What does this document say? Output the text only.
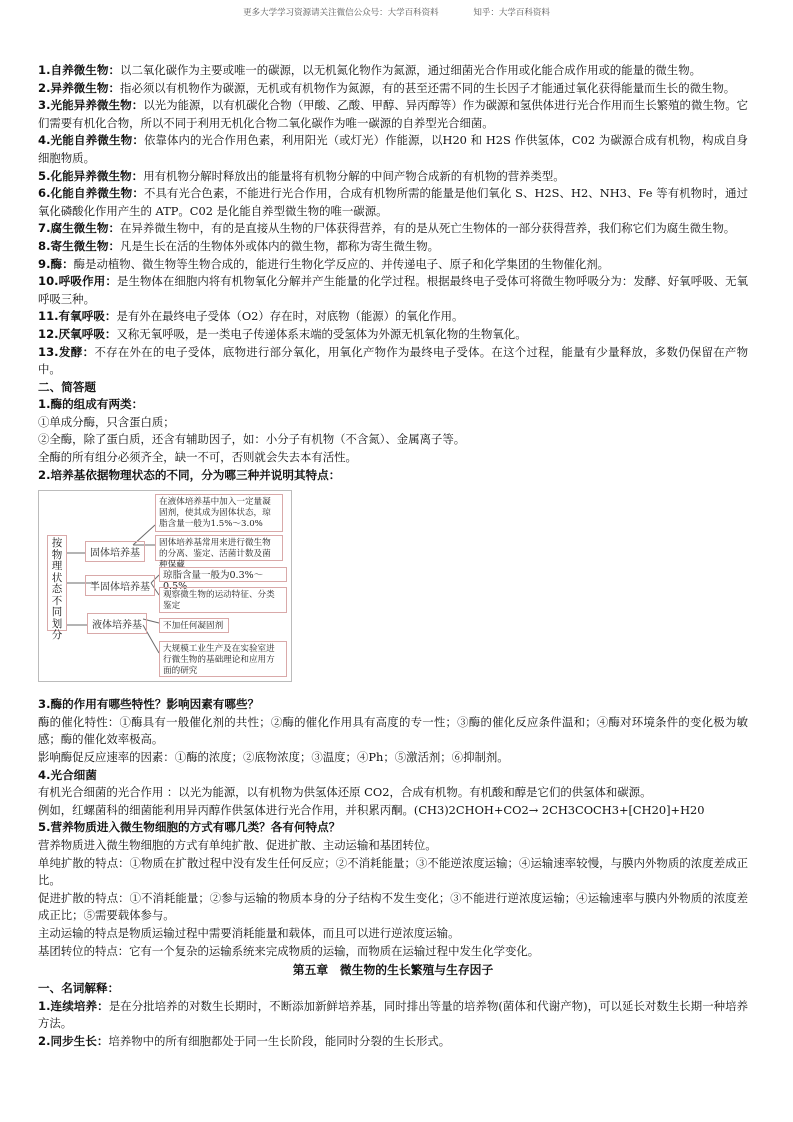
更多大学学习资源请关注微信公众号：大学百科资料	知乎：大学百科资料

1.自养微生物：以二氧化碳作为主要或唯一的碳源，以无机氮化物作为氮源，通过细菌光合作用或化能合成作用或的能量的微生物。

2.异养微生物：指必须以有机物作为碳源，无机或有机物作为氮源，有的甚至还需不同的生长因子才能通过氧化获得能量而生长的微生物。

3.光能异养微生物：以光为能源，以有机碳化合物（甲酸、乙酸、甲醇、异丙醇等）作为碳源和氢供体进行光合作用而生长繁殖的微生物。它们需要有机化合物，所以不同于利用无机化合物二氧化碳作为唯一碳源的自养型光合细菌。

4.光能自养微生物：依靠体内的光合作用色素，利用阳光（或灯光）作能源，以H20 和 H2S 作供氢体，C02 为碳源合成有机物，构成自身细胞物质。

5.化能异养微生物：用有机物分解时释放出的能量将有机物分解的中间产物合成新的有机物的营养类型。

6.化能自养微生物：不具有光合色素，不能进行光合作用，合成有机物所需的能量是他们氧化 S、H2S、H2、NH3、Fe 等有机物时，通过氧化磷酸化作用产生的 ATP。C02 是化能自养型微生物的唯一碳源。

7.腐生微生物：在异养微生物中，有的是直接从生物的尸体获得营养，有的是从死亡生物体的一部分获得营养，我们称它们为腐生微生物。

8.寄生微生物：凡是生长在活的生物体外或体内的微生物，都称为寄生微生物。

9.酶：酶是动植物、微生物等生物合成的，能进行生物化学反应的、并传递电子、原子和化学集团的生物催化剂。

10.呼吸作用：是生物体在细胞内将有机物氧化分解并产生能量的化学过程。根据最终电子受体可将微生物呼吸分为：发酵、好氧呼吸、无氧呼吸三种。

11.有氧呼吸：是有外在最终电子受体（O2）存在时，对底物（能源）的氧化作用。

12.厌氧呼吸：又称无氧呼吸，是一类电子传递体系末端的受氢体为外源无机氧化物的生物氧化。

13.发酵：不存在外在的电子受体，底物进行部分氧化，用氧化产物作为最终电子受体。在这个过程，能量有少量释放，多数仍保留在产物中。

二、简答题

1.酶的组成有两类：

①单成分酶，只含蛋白质；

②全酶，除了蛋白质，还含有辅助因子，如：小分子有机物（不含氮）、金属离子等。

全酶的所有组分必须齐全，缺一不可，否则就会失去本有活性。

2.培养基依据物理状态的不同，分为哪三种并说明其特点：

按物理状态不同划分
固体培养基
半固体培养基
液体培养基
在液体培养基中加入一定量凝固剂，使其成为固体状态，琼脂含量一般为1.5%～3.0%
固体培养基常用来进行微生物的分离、鉴定、活菌计数及菌种保藏
琼脂含量一般为0.3%～0.5%
观察微生物的运动特征、分类鉴定
不加任何凝固剂
大规模工业生产及在实验室进行微生物的基础理论和应用方面的研究

3.酶的作用有哪些特性？影响因素有哪些？

酶的催化特性：①酶具有一般催化剂的共性；②酶的催化作用具有高度的专一性；③酶的催化反应条件温和；④酶对环境条件的变化极为敏感；酶的催化效率极高。

影响酶促反应速率的因素：①酶的浓度；②底物浓度；③温度；④Ph；⑤激活剂；⑥抑制剂。

4.光合细菌

有机光合细菌的光合作用 ：以光为能源，以有机物为供氢体还原 CO2，合成有机物。有机酸和醇是它们的供氢体和碳源。

例如，红螺菌科的细菌能利用异丙醇作供氢体进行光合作用，并积累丙酮。(CH3)2CHOH+CO2→ 2CH3COCH3+[CH20]+H20

5.营养物质进入微生物细胞的方式有哪几类？各有何特点？

营养物质进入微生物细胞的方式有单纯扩散、促进扩散、主动运输和基团转位。

单纯扩散的特点：①物质在扩散过程中没有发生任何反应；②不消耗能量；③不能逆浓度运输；④运输速率较慢，与膜内外物质的浓度差成正比。

促进扩散的特点：①不消耗能量；②参与运输的物质本身的分子结构不发生变化；③不能进行逆浓度运输；④运输速率与膜内外物质的浓度差成正比；⑤需要载体参与。

主动运输的特点是物质运输过程中需要消耗能量和载体，而且可以进行逆浓度运输。

基团转位的特点：它有一个复杂的运输系统来完成物质的运输，而物质在运输过程中发生化学变化。

第五章　微生物的生长繁殖与生存因子

一、名词解释：

1.连续培养：是在分批培养的对数生长期时，不断添加新鲜培养基，同时排出等量的培养物(菌体和代谢产物)，可以延长对数生长期一种培养方法。

2.同步生长：培养物中的所有细胞都处于同一生长阶段，能同时分裂的生长形式。
